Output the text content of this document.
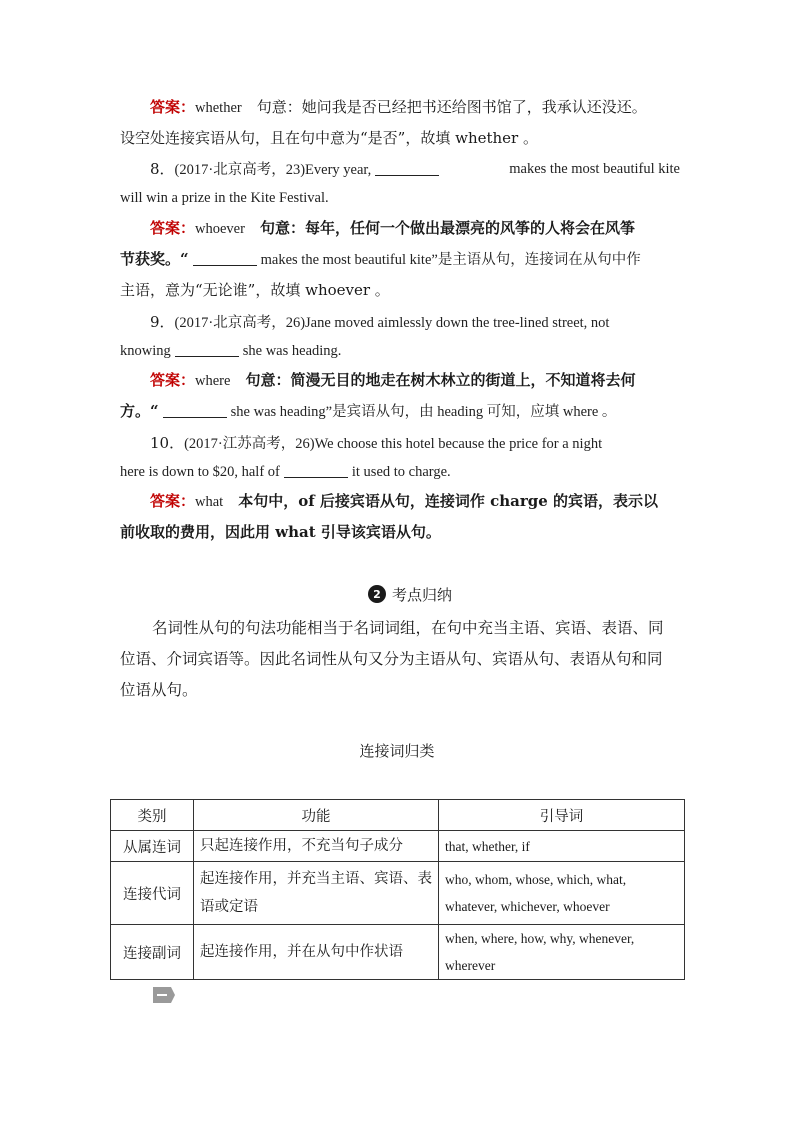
答案：whether　 句意：她问我是否已经把书还给图书馆了，我承认还没还。
设空处连接宾语从句，且在句中意为“是否”，故填 whether 。
8．(2017·北京高考，23)Every year,	makes the most beautiful kite
will win a prize in the Kite Festival.
答案：whoever　 句意：每年，任何一个做出最漂亮的风筝的人将会在风筝
节获奖。“	makes the most beautiful kite”是主语从句，连接词在从句中作
主语，意为“无论谁”，故填 whoever 。
9．(2017·北京高考，26)Jane moved aimlessly down the tree-lined street, not
knowing	she was heading.
答案：where　 句意：简漫无目的地走在树木林立的街道上，不知道将去何
方。“	she was heading”是宾语从句，由 heading 可知，应填 where 。
10．(2017·江苏高考，26)We choose this hotel because the price for a night
here is down to $20, half of	it used to charge.
答案：what　 本句中，of 后接宾语从句，连接词作 charge 的宾语，表示以
前收取的费用，因此用 what 引导该宾语从句。
2 考点归纳
名词性从句的句法功能相当于名词词组，在句中充当主语、宾语、表语、同位语、介词宾语等。因此名词性从句又分为主语从句、宾语从句、表语从句和同位语从句。
连接词归类
类别	功能	引导词
从属连词	只起连接作用，不充当句子成分	that, whether, if
连接代词	起连接作用，并充当主语、宾语、表语或定语	who, whom, whose, which, what, whatever, whichever, whoever
连接副词	起连接作用，并在从句中作状语	when, where, how, why, whenever, wherever
